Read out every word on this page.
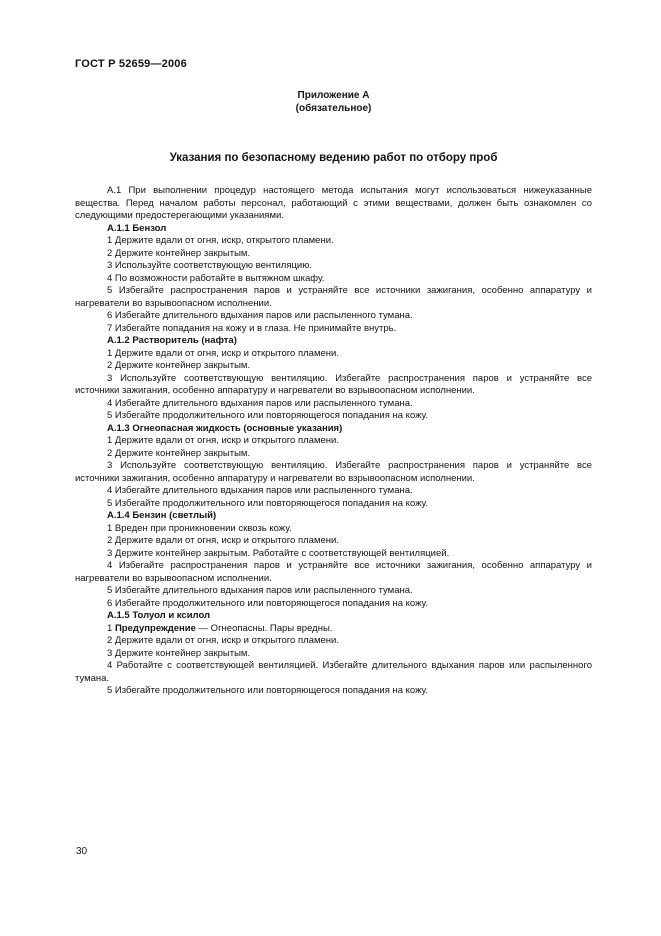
ГОСТ Р 52659—2006

Приложение А

(обязательное)

Указания по безопасному ведению работ по отбору проб

А.1 При выполнении процедур настоящего метода испытания могут использоваться нижеуказанные вещества. Перед началом работы персонал, работающий с этими веществами, должен быть ознакомлен со следующими предостерегающими указаниями.

А.1.1 Бензол

1 Держите вдали от огня, искр, открытого пламени.

2 Держите контейнер закрытым.

3 Используйте соответствующую вентиляцию.

4 По возможности работайте в вытяжном шкафу.

5 Избегайте распространения паров и устраняйте все источники зажигания, особенно аппаратуру и нагреватели во взрывоопасном исполнении.

6 Избегайте длительного вдыхания паров или распыленного тумана.

7 Избегайте попадания на кожу и в глаза. Не принимайте внутрь.

А.1.2 Растворитель (нафта)

1 Держите вдали от огня, искр и открытого пламени.

2 Держите контейнер закрытым.

3 Используйте соответствующую вентиляцию. Избегайте распространения паров и устраняйте все источники зажигания, особенно аппаратуру и нагреватели во взрывоопасном исполнении.

4 Избегайте длительного вдыхания паров или распыленного тумана.

5 Избегайте продолжительного или повторяющегося попадания на кожу.

А.1.3 Огнеопасная жидкость (основные указания)

1 Держите вдали от огня, искр и открытого пламени.

2 Держите контейнер закрытым.

3 Используйте соответствующую вентиляцию. Избегайте распространения паров и устраняйте все источники зажигания, особенно аппаратуру и нагреватели во взрывоопасном исполнении.

4 Избегайте длительного вдыхания паров или распыленного тумана.

5 Избегайте продолжительного или повторяющегося попадания на кожу.

А.1.4 Бензин (светлый)

1 Вреден при проникновении сквозь кожу.

2 Держите вдали от огня, искр и открытого пламени.

3 Держите контейнер закрытым. Работайте с соответствующей вентиляцией.

4 Избегайте распространения паров и устраняйте все источники зажигания, особенно аппаратуру и нагреватели во взрывоопасном исполнении.

5 Избегайте длительного вдыхания паров или распыленного тумана.

6 Избегайте продолжительного или повторяющегося попадания на кожу.

А.1.5 Толуол и ксилол

1 Предупреждение — Огнеопасны. Пары вредны.

2 Держите вдали от огня, искр и открытого пламени.

3 Держите контейнер закрытым.

4 Работайте с соответствующей вентиляцией. Избегайте длительного вдыхания паров или распыленного тумана.

5 Избегайте продолжительного или повторяющегося попадания на кожу.

30
